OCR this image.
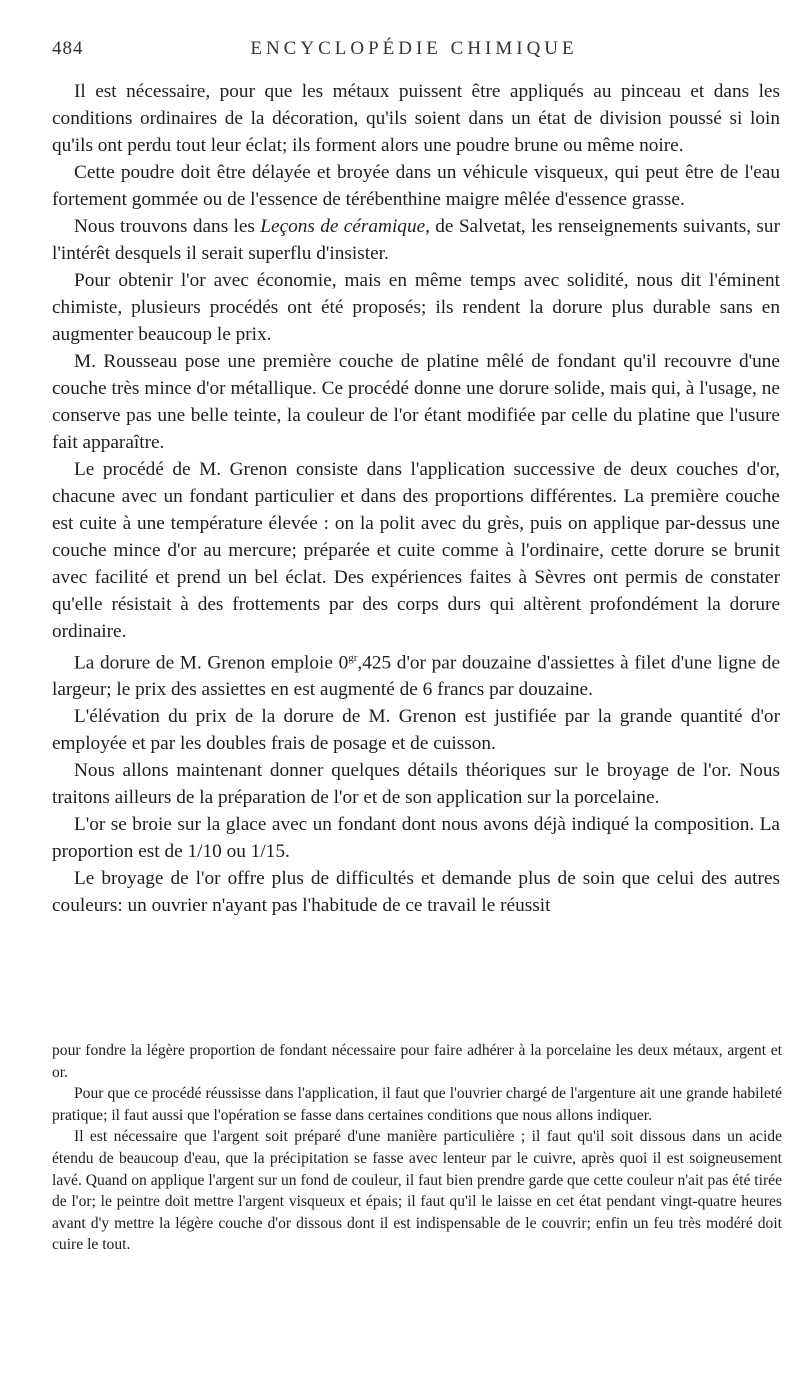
484	ENCYCLOPÉDIE CHIMIQUE

Il est nécessaire, pour que les métaux puissent être appliqués au pinceau et dans les conditions ordinaires de la décoration, qu'ils soient dans un état de division poussé si loin qu'ils ont perdu tout leur éclat; ils forment alors une poudre brune ou même noire.

Cette poudre doit être délayée et broyée dans un véhicule visqueux, qui peut être de l'eau fortement gommée ou de l'essence de térébenthine maigre mêlée d'essence grasse.

Nous trouvons dans les Leçons de céramique, de Salvetat, les renseignements suivants, sur l'intérêt desquels il serait superflu d'insister.

Pour obtenir l'or avec économie, mais en même temps avec solidité, nous dit l'éminent chimiste, plusieurs procédés ont été proposés; ils rendent la dorure plus durable sans en augmenter beaucoup le prix.

M. Rousseau pose une première couche de platine mêlé de fondant qu'il recouvre d'une couche très mince d'or métallique. Ce procédé donne une dorure solide, mais qui, à l'usage, ne conserve pas une belle teinte, la couleur de l'or étant modifiée par celle du platine que l'usure fait apparaître.

Le procédé de M. Grenon consiste dans l'application successive de deux couches d'or, chacune avec un fondant particulier et dans des proportions différentes. La première couche est cuite à une température élevée : on la polit avec du grès, puis on applique par-dessus une couche mince d'or au mercure; préparée et cuite comme à l'ordinaire, cette dorure se brunit avec facilité et prend un bel éclat. Des expériences faites à Sèvres ont permis de constater qu'elle résistait à des frottements par des corps durs qui altèrent profondément la dorure ordinaire.

La dorure de M. Grenon emploie $0^{gr},425$ d'or par douzaine d'assiettes à filet d'une ligne de largeur; le prix des assiettes en est augmenté de 6 francs par douzaine.

L'élévation du prix de la dorure de M. Grenon est justifiée par la grande quantité d'or employée et par les doubles frais de posage et de cuisson.

Nous allons maintenant donner quelques détails théoriques sur le broyage de l'or. Nous traitons ailleurs de la préparation de l'or et de son application sur la porcelaine.

L'or se broie sur la glace avec un fondant dont nous avons déjà indiqué la composition. La proportion est de 1/10 ou 1/15.

Le broyage de l'or offre plus de difficultés et demande plus de soin que celui des autres couleurs: un ouvrier n'ayant pas l'habitude de ce travail le réussit

pour fondre la légère proportion de fondant nécessaire pour faire adhérer à la porcelaine les deux métaux, argent et or.

Pour que ce procédé réussisse dans l'application, il faut que l'ouvrier chargé de l'argenture ait une grande habileté pratique; il faut aussi que l'opération se fasse dans certaines conditions que nous allons indiquer.

Il est nécessaire que l'argent soit préparé d'une manière particulière ; il faut qu'il soit dissous dans un acide étendu de beaucoup d'eau, que la précipitation se fasse avec lenteur par le cuivre, après quoi il est soigneusement lavé. Quand on applique l'argent sur un fond de couleur, il faut bien prendre garde que cette couleur n'ait pas été tirée de l'or; le peintre doit mettre l'argent visqueux et épais; il faut qu'il le laisse en cet état pendant vingt-quatre heures avant d'y mettre la légère couche d'or dissous dont il est indispensable de le couvrir; enfin un feu très modéré doit cuire le tout.
